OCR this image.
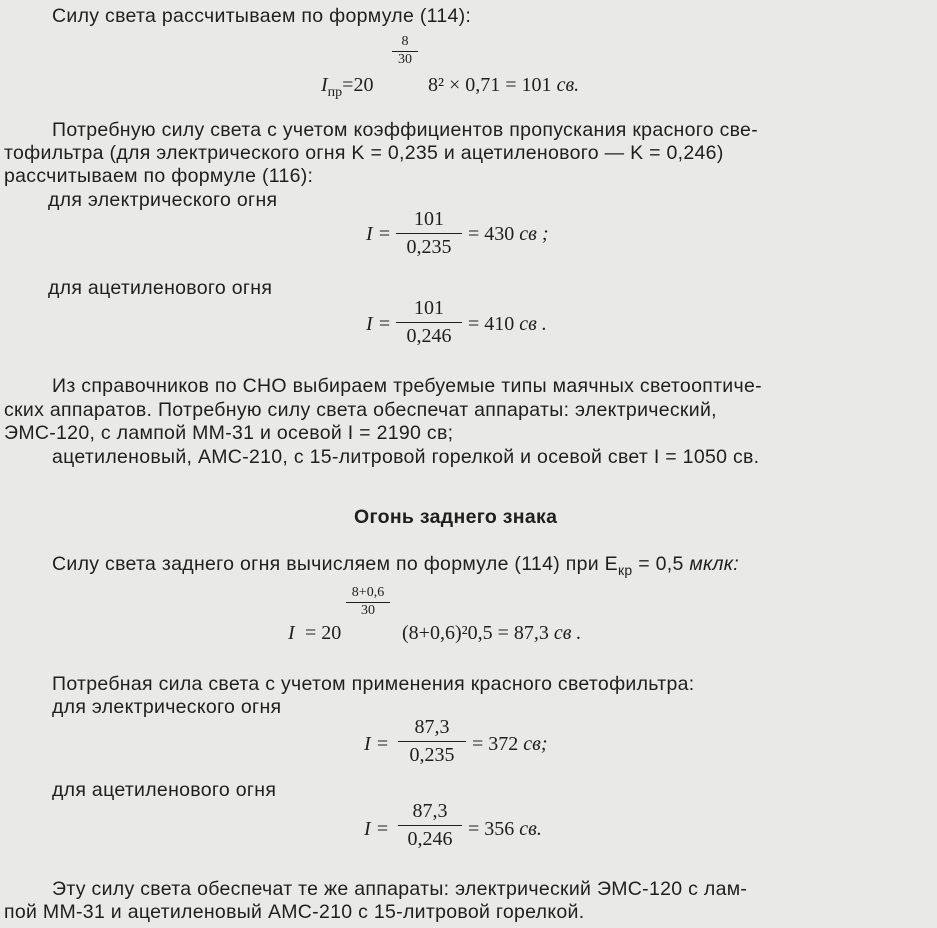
Силу света рассчитываем по формуле (114):
$I_{пр}=20$
$\frac{8}{30}$
8² × 0,71 = 101 св.
Потребную силу света с учетом коэффициентов пропускания красного све-
тофильтра (для электрического огня K = 0,235 и ацетиленового — K = 0,246)
рассчитываем по формуле (116):
для электрического огня
$I = \frac{101}{0,235} = 430$ св ;
для ацетиленового огня
$I = \frac{101}{0,246} = 410$ св .
Из справочников по СНО выбираем требуемые типы маячных светооптиче-
ских аппаратов. Потребную силу света обеспечат аппараты: электрический,
ЭМС-120, с лампой ММ-31 и осевой I = 2190 св;
ацетиленовый, АМС-210, с 15-литровой горелкой и осевой свет I = 1050 св.
Огонь заднего знака
Силу света заднего огня вычисляем по формуле (114) при $E_{кр} = 0,5$ мклк:
I = 20
$\frac{8+0,6}{30}$
(8+0,6)²0,5 = 87,3 св .
Потребная сила света с учетом применения красного светофильтра:
для электрического огня
$I = \frac{87,3}{0,235} = 372$ св;
для ацетиленового огня
$I = \frac{87,3}{0,246} = 356$ св.
Эту силу света обеспечат те же аппараты: электрический ЭМС-120 с лам-
пой ММ-31 и ацетиленовый АМС-210 с 15-литровой горелкой.
